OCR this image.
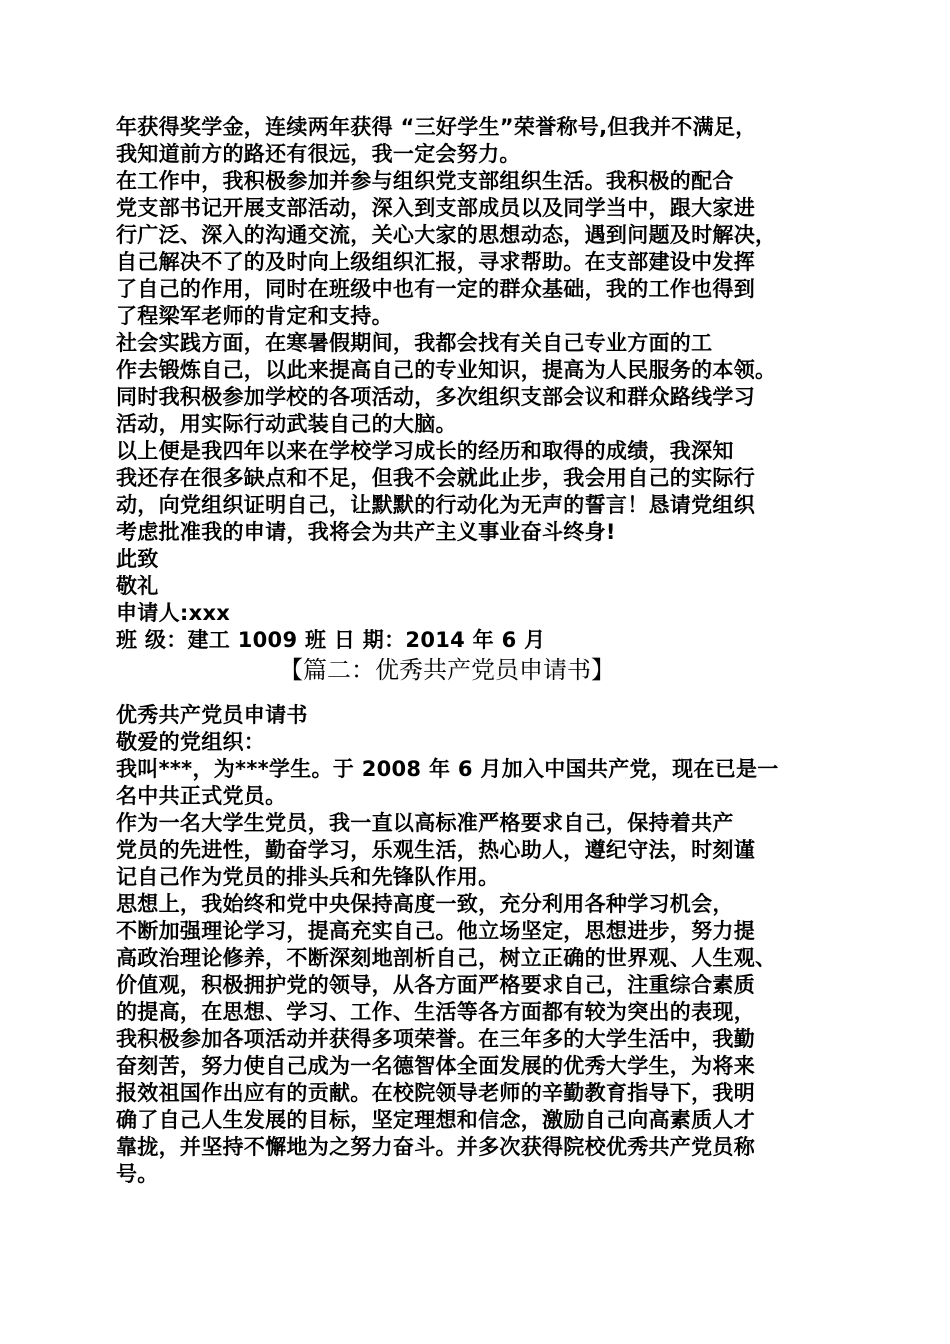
年获得奖学金，连续两年获得 “三好学生”荣誉称号,但我并不满足，
我知道前方的路还有很远，我一定会努力。
在工作中，我积极参加并参与组织党支部组织生活。我积极的配合
党支部书记开展支部活动，深入到支部成员以及同学当中，跟大家进
行广泛、深入的沟通交流，关心大家的思想动态，遇到问题及时解决，
自己解决不了的及时向上级组织汇报，寻求帮助。在支部建设中发挥
了自己的作用，同时在班级中也有一定的群众基础，我的工作也得到
了程梁军老师的肯定和支持。
社会实践方面，在寒暑假期间，我都会找有关自己专业方面的工
作去锻炼自己，以此来提高自己的专业知识，提高为人民服务的本领。
同时我积极参加学校的各项活动，多次组织支部会议和群众路线学习
活动，用实际行动武装自己的大脑。
以上便是我四年以来在学校学习成长的经历和取得的成绩，我深知
我还存在很多缺点和不足，但我不会就此止步，我会用自己的实际行
动，向党组织证明自己，让默默的行动化为无声的誓言！恳请党组织
考虑批准我的申请，我将会为共产主义事业奋斗终身!
此致
敬礼
申请人:xxx
班 级：建工 1009 班 日 期：2014 年 6 月
【篇二：优秀共产党员申请书】
优秀共产党员申请书
敬爱的党组织：
我叫***，为***学生。于 2008 年 6 月加入中国共产党，现在已是一
名中共正式党员。
作为一名大学生党员，我一直以高标准严格要求自己，保持着共产
党员的先进性，勤奋学习，乐观生活，热心助人，遵纪守法，时刻谨
记自己作为党员的排头兵和先锋队作用。
思想上，我始终和党中央保持高度一致，充分利用各种学习机会，
不断加强理论学习，提高充实自己。他立场坚定，思想进步，努力提
高政治理论修养，不断深刻地剖析自己，树立正确的世界观、人生观、
价值观，积极拥护党的领导，从各方面严格要求自己，注重综合素质
的提高，在思想、学习、工作、生活等各方面都有较为突出的表现，
我积极参加各项活动并获得多项荣誉。在三年多的大学生活中，我勤
奋刻苦，努力使自己成为一名德智体全面发展的优秀大学生，为将来
报效祖国作出应有的贡献。在校院领导老师的辛勤教育指导下，我明
确了自己人生发展的目标，坚定理想和信念，激励自己向高素质人才
靠拢，并坚持不懈地为之努力奋斗。并多次获得院校优秀共产党员称
号。
